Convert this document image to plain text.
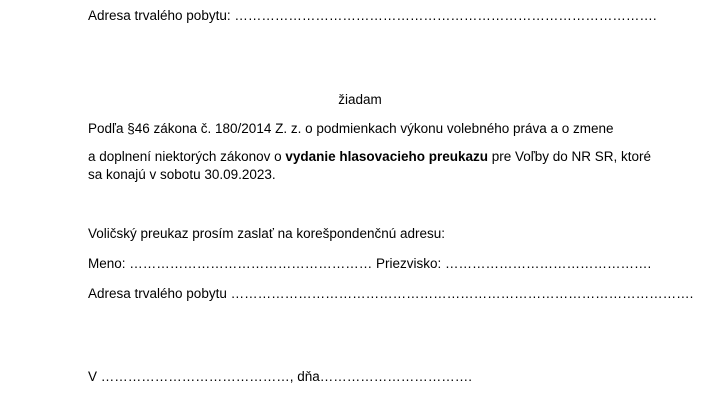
Adresa trvalého pobytu: ………………………………………………………………………………….
žiadam
Podľa §46 zákona č. 180/2014 Z. z. o podmienkach výkonu volebného práva a o zmene
a doplnení niektorých zákonov o vydanie hlasovacieho preukazu pre Voľby do NR SR, ktoré
sa konajú v sobotu 30.09.2023.
Voličský preukaz prosím zaslať na korešpondenčnú adresu:
Meno: ……………………………………………… Priezvisko: ……………………………………….
Adresa trvalého pobytu ………………………………………………………………………………………….
V ……………………………………, dňa…………………………….
